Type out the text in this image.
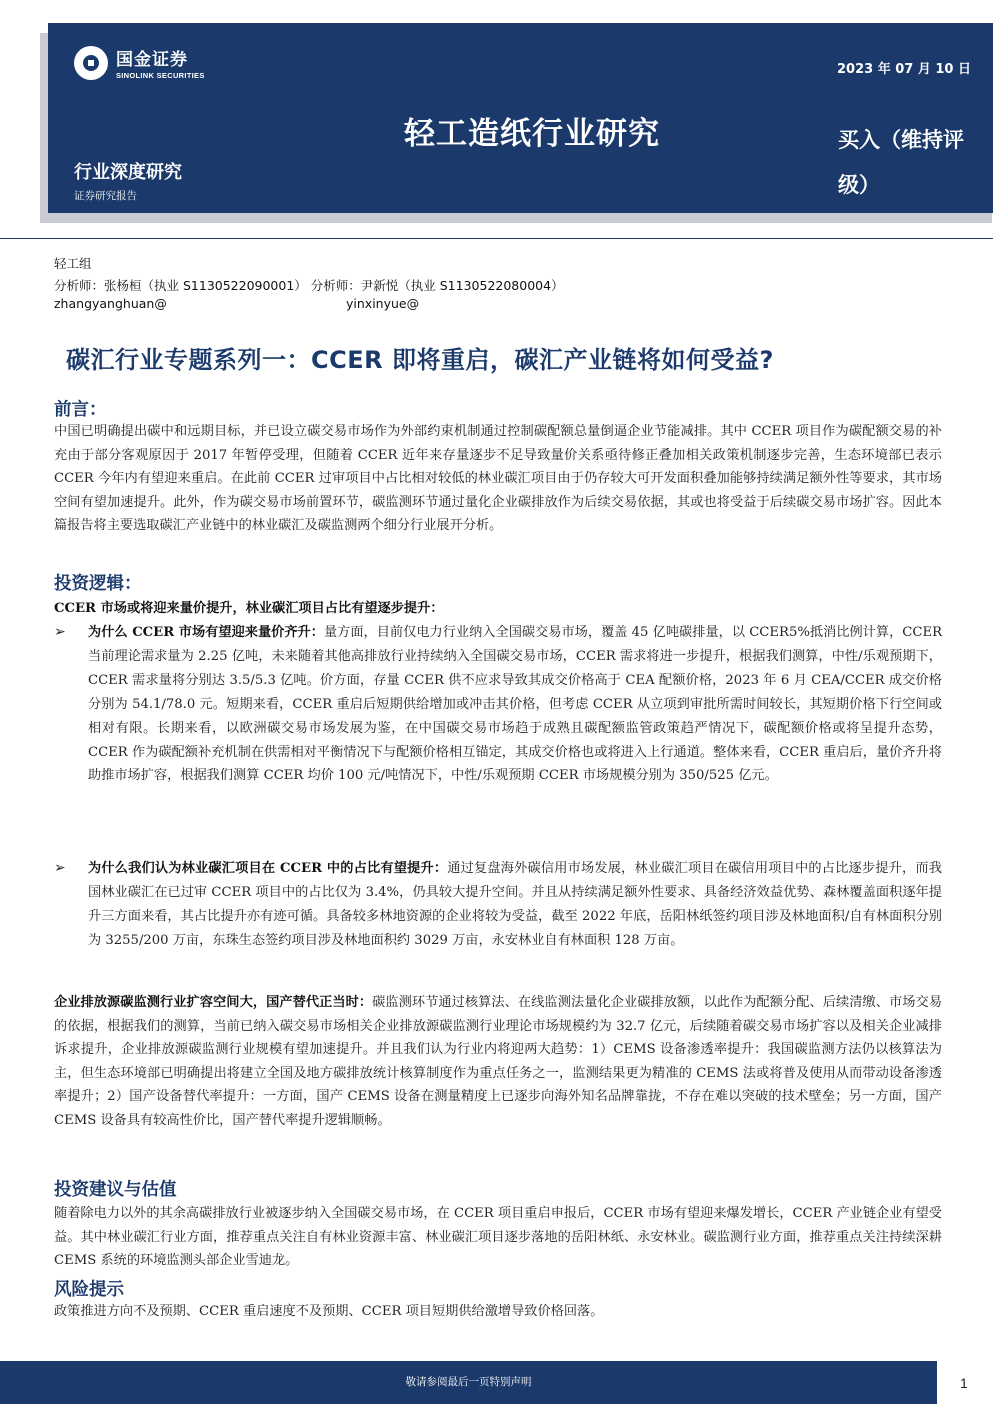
国金证券
SINOLINK SECURITIES	2023 年 07 月 10 日
轻工造纸行业研究	买入（维持评级）
行业深度研究
证券研究报告
轻工组
分析师：张杨桓（执业 S1130522090001） 分析师：尹新悦（执业 S1130522080004）
zhangyanghuan@	yinxinyue@
碳汇行业专题系列一：CCER 即将重启，碳汇产业链将如何受益?
前言：

中国已明确提出碳中和远期目标，并已设立碳交易市场作为外部约束机制通过控制碳配额总量倒逼企业节能减排。其中 CCER 项目作为碳配额交易的补充由于部分客观原因于 2017 年暂停受理，但随着 CCER 近年来存量逐步不足导致量价关系亟待修正叠加相关政策机制逐步完善，生态环境部已表示 CCER 今年内有望迎来重启。在此前 CCER 过审项目中占比相对较低的林业碳汇项目由于仍存较大可开发面积叠加能够持续满足额外性等要求，其市场空间有望加速提升。此外，作为碳交易市场前置环节，碳监测环节通过量化企业碳排放作为后续交易依据，其或也将受益于后续碳交易市场扩容。因此本篇报告将主要选取碳汇产业链中的林业碳汇及碳监测两个细分行业展开分析。

投资逻辑：
CCER 市场或将迎来量价提升，林业碳汇项目占比有望逐步提升：
➢ 为什么 CCER 市场有望迎来量价齐升：量方面，目前仅电力行业纳入全国碳交易市场，覆盖 45 亿吨碳排量，以 CCER5%抵消比例计算，CCER 当前理论需求量为 2.25 亿吨，未来随着其他高排放行业持续纳入全国碳交易市场，CCER 需求将进一步提升，根据我们测算，中性/乐观预期下，CCER 需求量将分别达 3.5/5.3 亿吨。价方面，存量 CCER 供不应求导致其成交价格高于 CEA 配额价格，2023 年 6 月 CEA/CCER 成交价格分别为 54.1/78.0 元。短期来看，CCER 重启后短期供给增加或冲击其价格，但考虑 CCER 从立项到审批所需时间较长，其短期价格下行空间或相对有限。长期来看，以欧洲碳交易市场发展为鉴，在中国碳交易市场趋于成熟且碳配额监管政策趋严情况下，碳配额价格或将呈提升态势，CCER 作为碳配额补充机制在供需相对平衡情况下与配额价格相互锚定，其成交价格也或将进入上行通道。整体来看，CCER 重启后，量价齐升将助推市场扩容，根据我们测算 CCER 均价 100 元/吨情况下，中性/乐观预期 CCER 市场规模分别为 350/525 亿元。

➢ 为什么我们认为林业碳汇项目在 CCER 中的占比有望提升：通过复盘海外碳信用市场发展，林业碳汇项目在碳信用项目中的占比逐步提升，而我国林业碳汇在已过审 CCER 项目中的占比仅为 3.4%，仍具较大提升空间。并且从持续满足额外性要求、具备经济效益优势、森林覆盖面积逐年提升三方面来看，其占比提升亦有迹可循。具备较多林地资源的企业将较为受益，截至 2022 年底，岳阳林纸签约项目涉及林地面积/自有林面积分别为 3255/200 万亩，东珠生态签约项目涉及林地面积约 3029 万亩，永安林业自有林面积 128 万亩。

企业排放源碳监测行业扩容空间大，国产替代正当时：碳监测环节通过核算法、在线监测法量化企业碳排放额，以此作为配额分配、后续清缴、市场交易的依据，根据我们的测算，当前已纳入碳交易市场相关企业排放源碳监测行业理论市场规模约为 32.7 亿元，后续随着碳交易市场扩容以及相关企业减排诉求提升，企业排放源碳监测行业规模有望加速提升。并且我们认为行业内将迎两大趋势：1）CEMS 设备渗透率提升：我国碳监测方法仍以核算法为主，但生态环境部已明确提出将建立全国及地方碳排放统计核算制度作为重点任务之一，监测结果更为精准的 CEMS 法或将普及使用从而带动设备渗透率提升；2）国产设备替代率提升：一方面，国产 CEMS 设备在测量精度上已逐步向海外知名品牌靠拢，不存在难以突破的技术壁垒；另一方面，国产 CEMS 设备具有较高性价比，国产替代率提升逻辑顺畅。

投资建议与估值

随着除电力以外的其余高碳排放行业被逐步纳入全国碳交易市场，在 CCER 项目重启申报后，CCER 市场有望迎来爆发增长，CCER 产业链企业有望受益。其中林业碳汇行业方面，推荐重点关注自有林业资源丰富、林业碳汇项目逐步落地的岳阳林纸、永安林业。碳监测行业方面，推荐重点关注持续深耕 CEMS 系统的环境监测头部企业雪迪龙。

风险提示

政策推进方向不及预期、CCER 重启速度不及预期、CCER 项目短期供给激增导致价格回落。

敬请参阅最后一页特别声明	1
